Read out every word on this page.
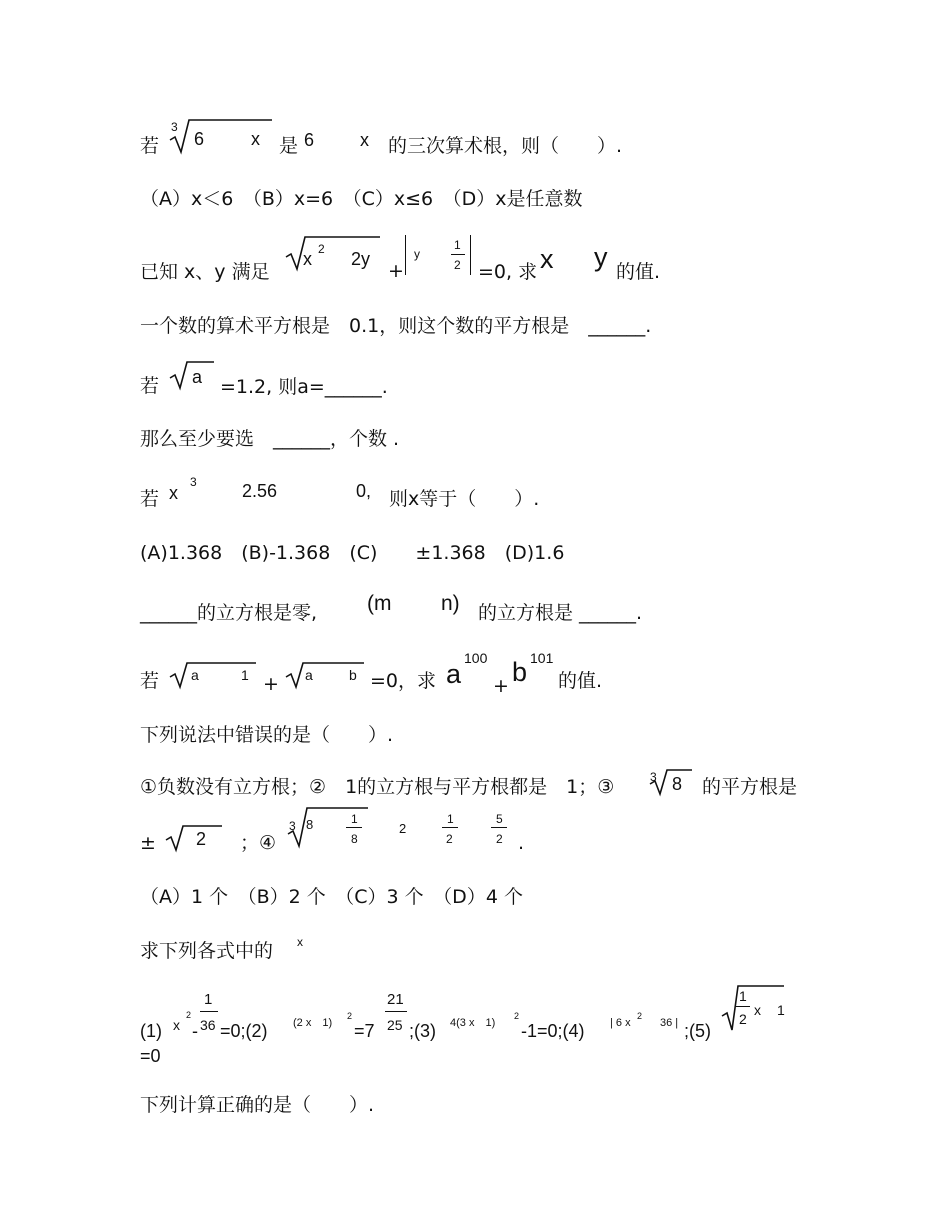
若
3
6	x 是 6	x 的三次算术根，则（　　）.
（A）x＜6　（B）x=6　（C）x≤6　（D）x是任意数
已知 x、y 满足
x 2 2y
+
y
1
2 =0, 求 x y 的值.
一个数的算术平方根是　0.1，则这个数的平方根是　______.
若 a =1.2, 则a=______.
那么至少要选　______，个数 .
若 x
3	2.56	0, 则x等于（　　）.
(A)1.368　(B)-1.368　(C)　　±1.368　(D)1.6
______的立方根是零, (m n) 的立方根是 ______.
若 a	1 + a	b =0，求 a
100
+ b 101
的值.
下列说法中错误的是（　　）.
①负数没有立方根；②　1的立方根与平方根都是　1；③	3 8 的平方根是
± 2 ；④
3 8	1
8
2
1
2
5
2 .
（A）1 个　（B）2 个　（C）3 个　（D）4 个
求下列各式中的 x
(1) x
2
-
1
36 =0;(2) (2 x　1)
2
=7
21
25 ;(3) 4(3 x　1)
2
-1=0;(4) | 6 x
2
36 | ;(5)
1
2
x 1
=0
下列计算正确的是（　　）.
